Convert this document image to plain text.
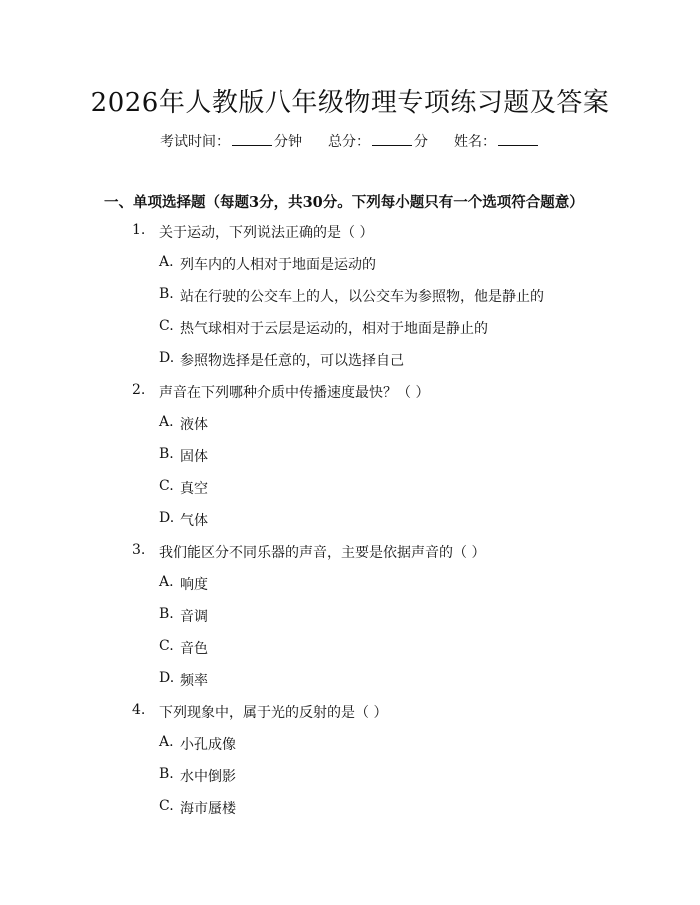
2026年人教版八年级物理专项练习题及答案
考试时间：	分钟 总分：	分 姓名：
一、单项选择题（每题3分，共30分。下列每小题只有一个选项符合题意）
1. 关于运动，下列说法正确的是（ ）
A. 列车内的人相对于地面是运动的
B. 站在行驶的公交车上的人，以公交车为参照物，他是静止的
C. 热气球相对于云层是运动的，相对于地面是静止的
D. 参照物选择是任意的，可以选择自己
2. 声音在下列哪种介质中传播速度最快？（ ）
A. 液体
B. 固体
C. 真空
D. 气体
3. 我们能区分不同乐器的声音，主要是依据声音的（ ）
A. 响度
B. 音调
C. 音色
D. 频率
4. 下列现象中，属于光的反射的是（ ）
A. 小孔成像
B. 水中倒影
C. 海市蜃楼
